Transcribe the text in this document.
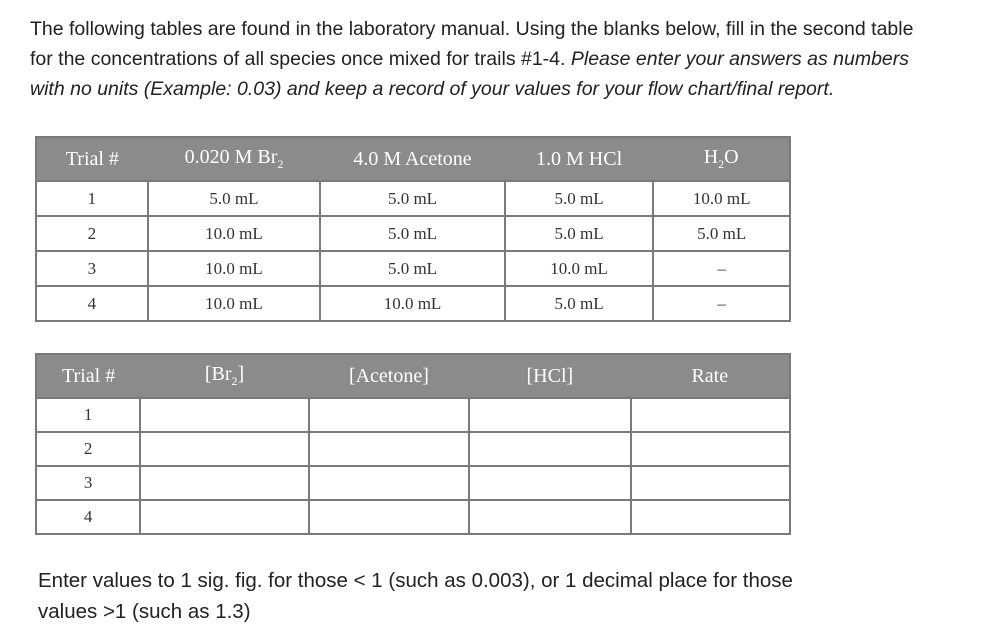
The following tables are found in the laboratory manual. Using the blanks below, fill in the second table
for the concentrations of all species once mixed for trails #1-4. Please enter your answers as numbers
with no units (Example: 0.03) and keep a record of your values for your flow chart/final report.
Trial #	0.020 M $Br_2$	4.0 M Acetone	1.0 M HCl	$H_2O$
1	5.0 mL	5.0 mL	5.0 mL	10.0 mL
2	10.0 mL	5.0 mL	5.0 mL	5.0 mL
3	10.0 mL	5.0 mL	10.0 mL	–
4	10.0 mL	10.0 mL	5.0 mL	–
Trial #	$[Br_2]$	[Acetone]	[HCl]	Rate
1				
2				
3				
4				
Enter values to 1 sig. fig. for those < 1 (such as 0.003), or 1 decimal place for those
values >1 (such as 1.3)
